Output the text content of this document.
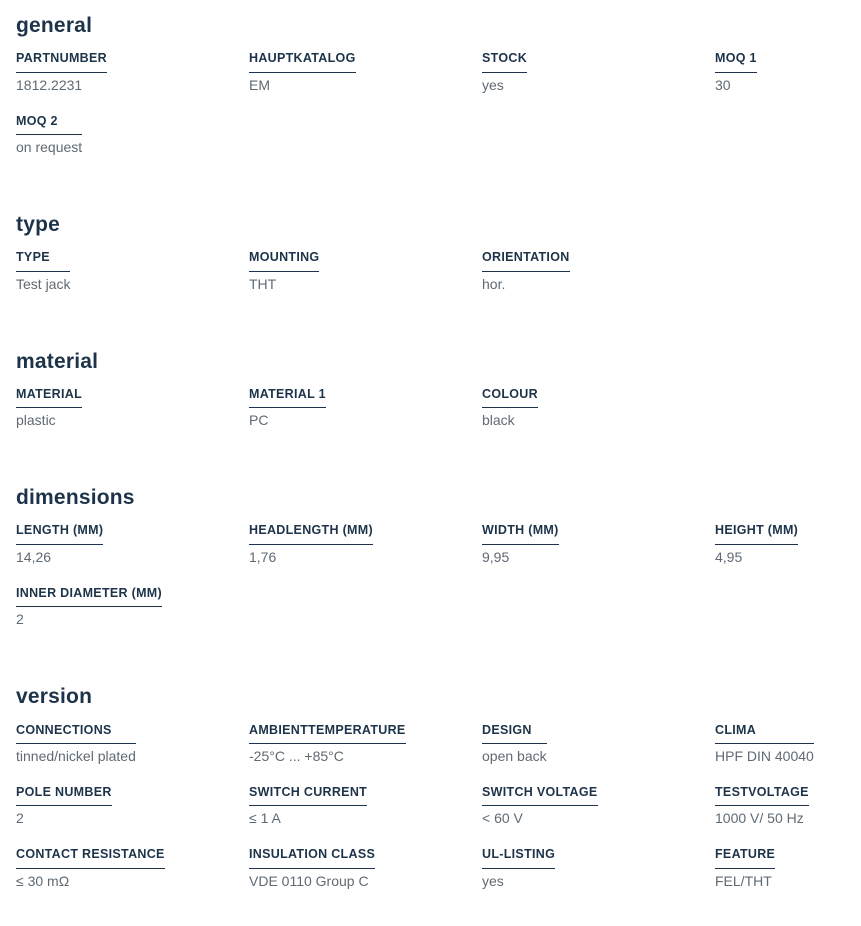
general
PARTNUMBER
1812.2231
HAUPTKATALOG
EM
STOCK
yes
MOQ 1
30
MOQ 2
on request
type
TYPE
Test jack
MOUNTING
THT
ORIENTATION
hor.
material
MATERIAL
plastic
MATERIAL 1
PC
COLOUR
black
dimensions
LENGTH (MM)
14,26
HEADLENGTH (MM)
1,76
WIDTH (MM)
9,95
HEIGHT (MM)
4,95
INNER DIAMETER (MM)
2
version
CONNECTIONS
tinned/nickel plated
AMBIENTTEMPERATURE
-25°C ... +85°C
DESIGN
open back
CLIMA
HPF DIN 40040
POLE NUMBER
2
SWITCH CURRENT
≤ 1 A
SWITCH VOLTAGE
< 60 V
TESTVOLTAGE
1000 V/ 50 Hz
CONTACT RESISTANCE
≤ 30 mΩ
INSULATION CLASS
VDE 0110 Group C
UL-LISTING
yes
FEATURE
FEL/THT
